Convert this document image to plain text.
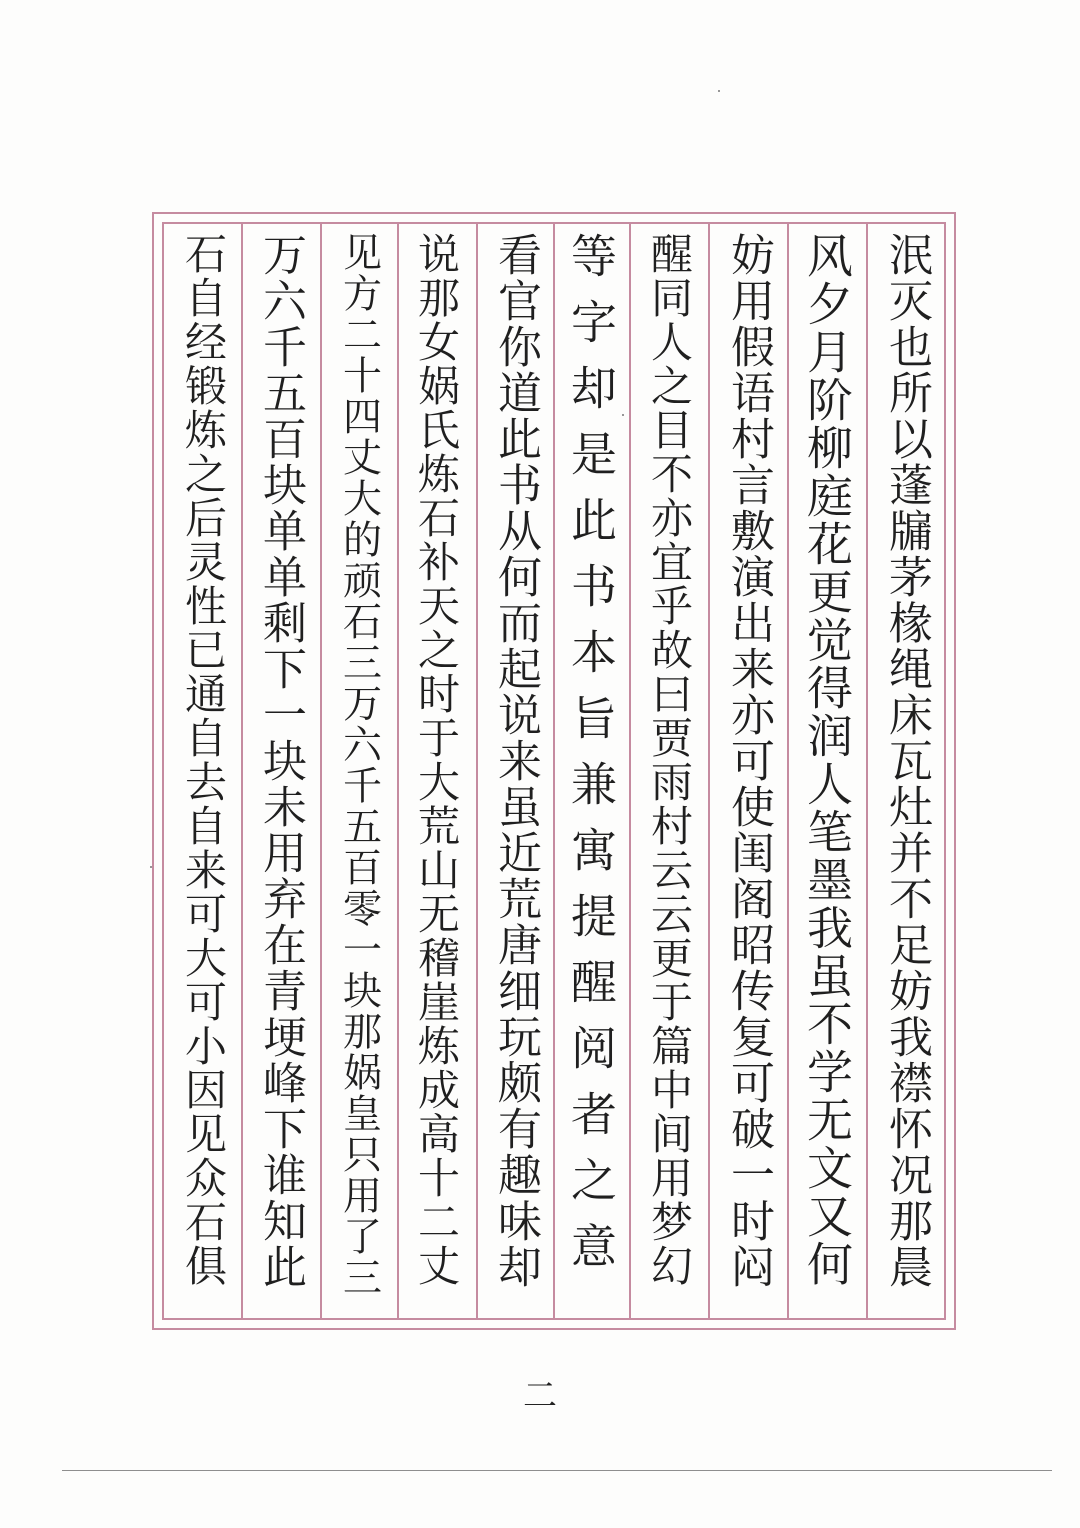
泯灭也所以蓬牖茅椽绳床瓦灶并不足妨我襟怀况那晨
风夕月阶柳庭花更觉得润人笔墨我虽不学无文又何
妨用假语村言敷演出来亦可使闺阁昭传复可破一时闷
醒同人之目不亦宜乎故曰贾雨村云云更于篇中间用梦幻
等字却是此书本旨兼寓提醒阅者之意
看官你道此书从何而起说来虽近荒唐细玩颇有趣味却
说那女娲氏炼石补天之时于大荒山无稽崖炼成高十二丈
见方二十四丈大的顽石三万六千五百零一块那娲皇只用了三
万六千五百块单单剩下一块未用弃在青埂峰下谁知此
石自经锻炼之后灵性已通自去自来可大可小因见众石俱
二
